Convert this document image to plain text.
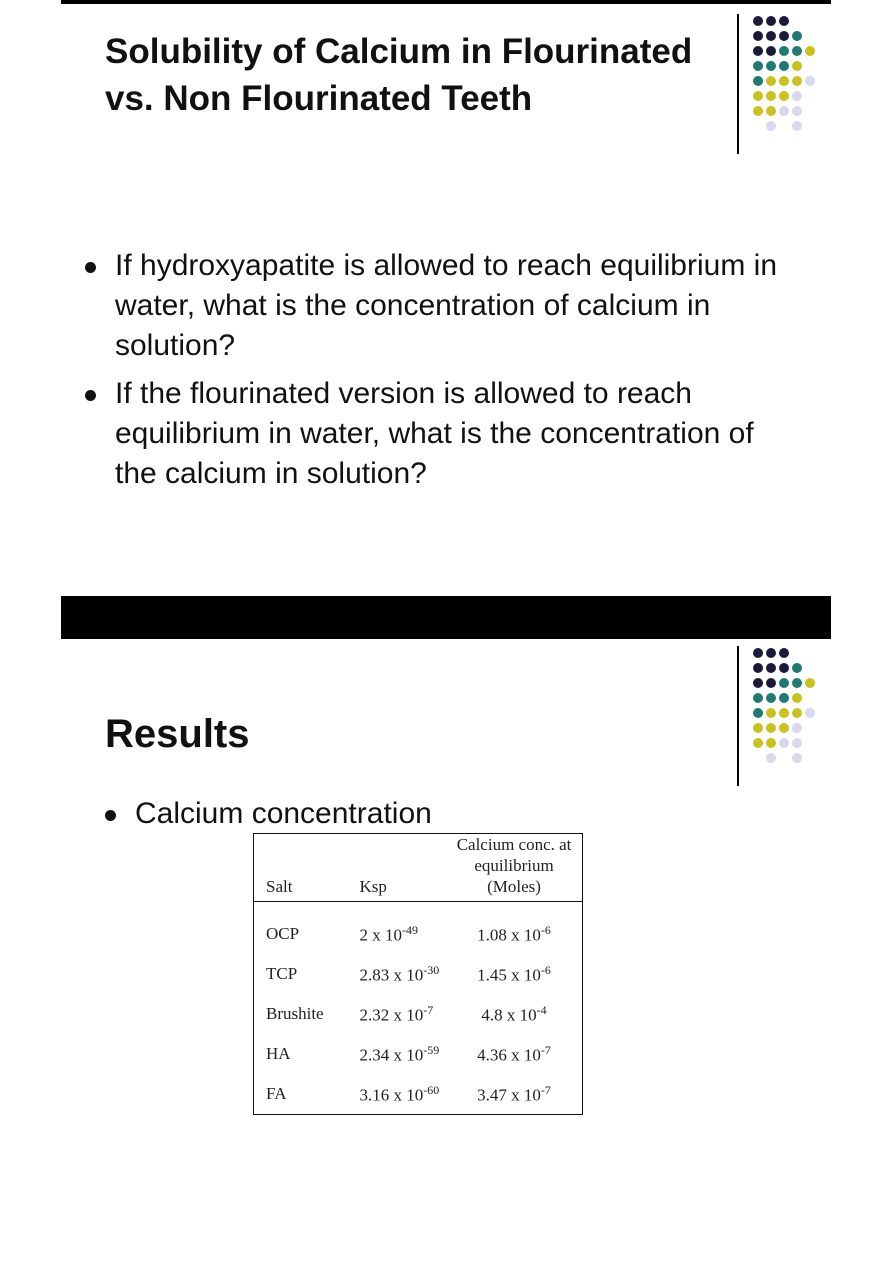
Solubility of Calcium in Flourinated vs. Non Flourinated Teeth
If hydroxyapatite is allowed to reach equilibrium in water, what is the concentration of calcium in solution?
If the flourinated version is allowed to reach equilibrium in water, what is the concentration of the calcium in solution?
Results
Calcium concentration
Salt	Ksp	Calcium conc. at equilibrium (Moles)
OCP	2 x $10^{-49}$	1.08 x $10^{-6}$
TCP	2.83 x $10^{-30}$	1.45 x $10^{-6}$
Brushite	2.32 x $10^{-7}$	4.8 x $10^{-4}$
HA	2.34 x $10^{-59}$	4.36 x $10^{-7}$
FA	3.16 x $10^{-60}$	3.47 x $10^{-7}$
